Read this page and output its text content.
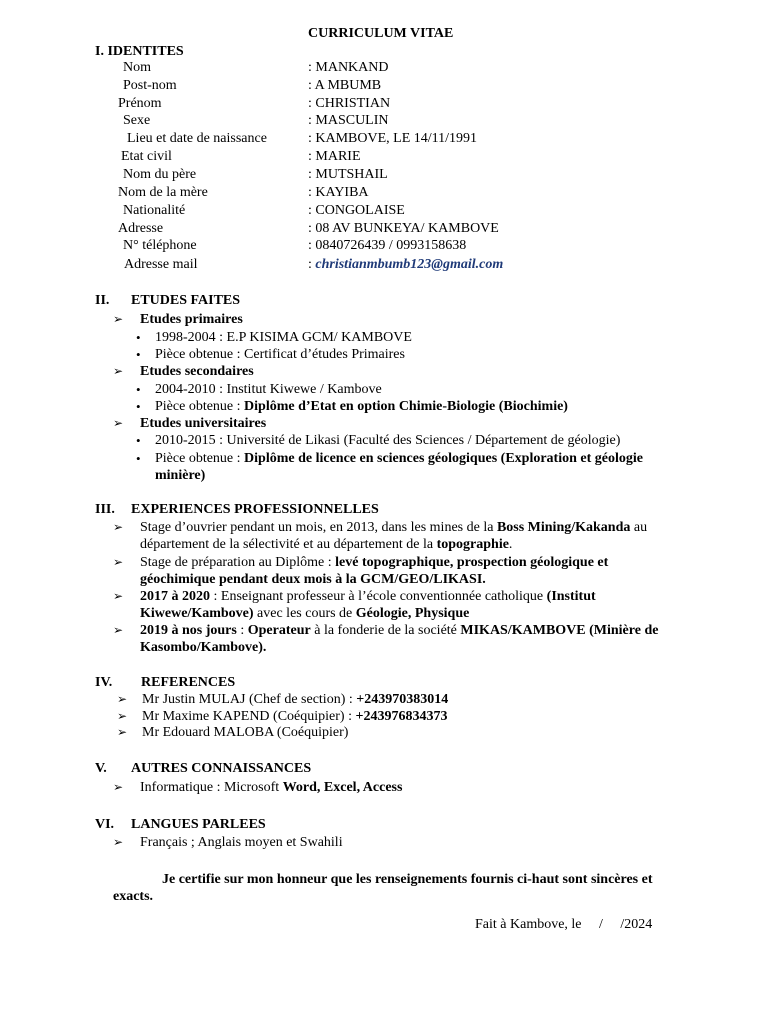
CURRICULUM VITAE
I. IDENTITES
Nom	: MANKAND
Post-nom	: A MBUMB
Prénom	: CHRISTIAN
Sexe	: MASCULIN
Lieu et date de naissance	: KAMBOVE, LE 14/11/1991
Etat civil	: MARIE
Nom du père	: MUTSHAIL
Nom de la mère	: KAYIBA
Nationalité	: CONGOLAISE
Adresse	: 08 AV BUNKEYA/ KAMBOVE
N° téléphone	: 0840726439 / 0993158638
Adresse mail	: christianmbumb123@gmail.com
II. ETUDES FAITES
➢ Etudes primaires
• 1998-2004 : E.P KISIMA GCM/ KAMBOVE
• Pièce obtenue : Certificat d’études Primaires
➢ Etudes secondaires
• 2004-2010 : Institut Kiwewe / Kambove
• Pièce obtenue : Diplôme d’Etat en option Chimie-Biologie (Biochimie)
➢ Etudes universitaires
• 2010-2015 : Université de Likasi (Faculté des Sciences / Département de géologie)
• Pièce obtenue : Diplôme de licence en sciences géologiques (Exploration et géologie
minière)
III. EXPERIENCES PROFESSIONNELLES
➢ Stage d’ouvrier pendant un mois, en 2013, dans les mines de la Boss Mining/Kakanda au
département de la sélectivité et au département de la topographie.
➢ Stage de préparation au Diplôme : levé topographique, prospection géologique et
géochimique pendant deux mois à la GCM/GEO/LIKASI.
➢ 2017 à 2020 : Enseignant professeur à l’école conventionnée catholique (Institut
Kiwewe/Kambove) avec les cours de Géologie, Physique
➢ 2019 à nos jours : Operateur à la fonderie de la société MIKAS/KAMBOVE (Minière de
Kasombo/Kambove).
IV. REFERENCES
➢ Mr Justin MULAJ (Chef de section) : +243970383014
➢ Mr Maxime KAPEND (Coéquipier) : +243976834373
➢ Mr Edouard MALOBA (Coéquipier)
V. AUTRES CONNAISSANCES
➢ Informatique : Microsoft Word, Excel, Access
VI. LANGUES PARLEES
➢ Français ; Anglais moyen et Swahili
Je certifie sur mon honneur que les renseignements fournis ci-haut sont sincères et
exacts.
Fait à Kambove, le     /     /2024
